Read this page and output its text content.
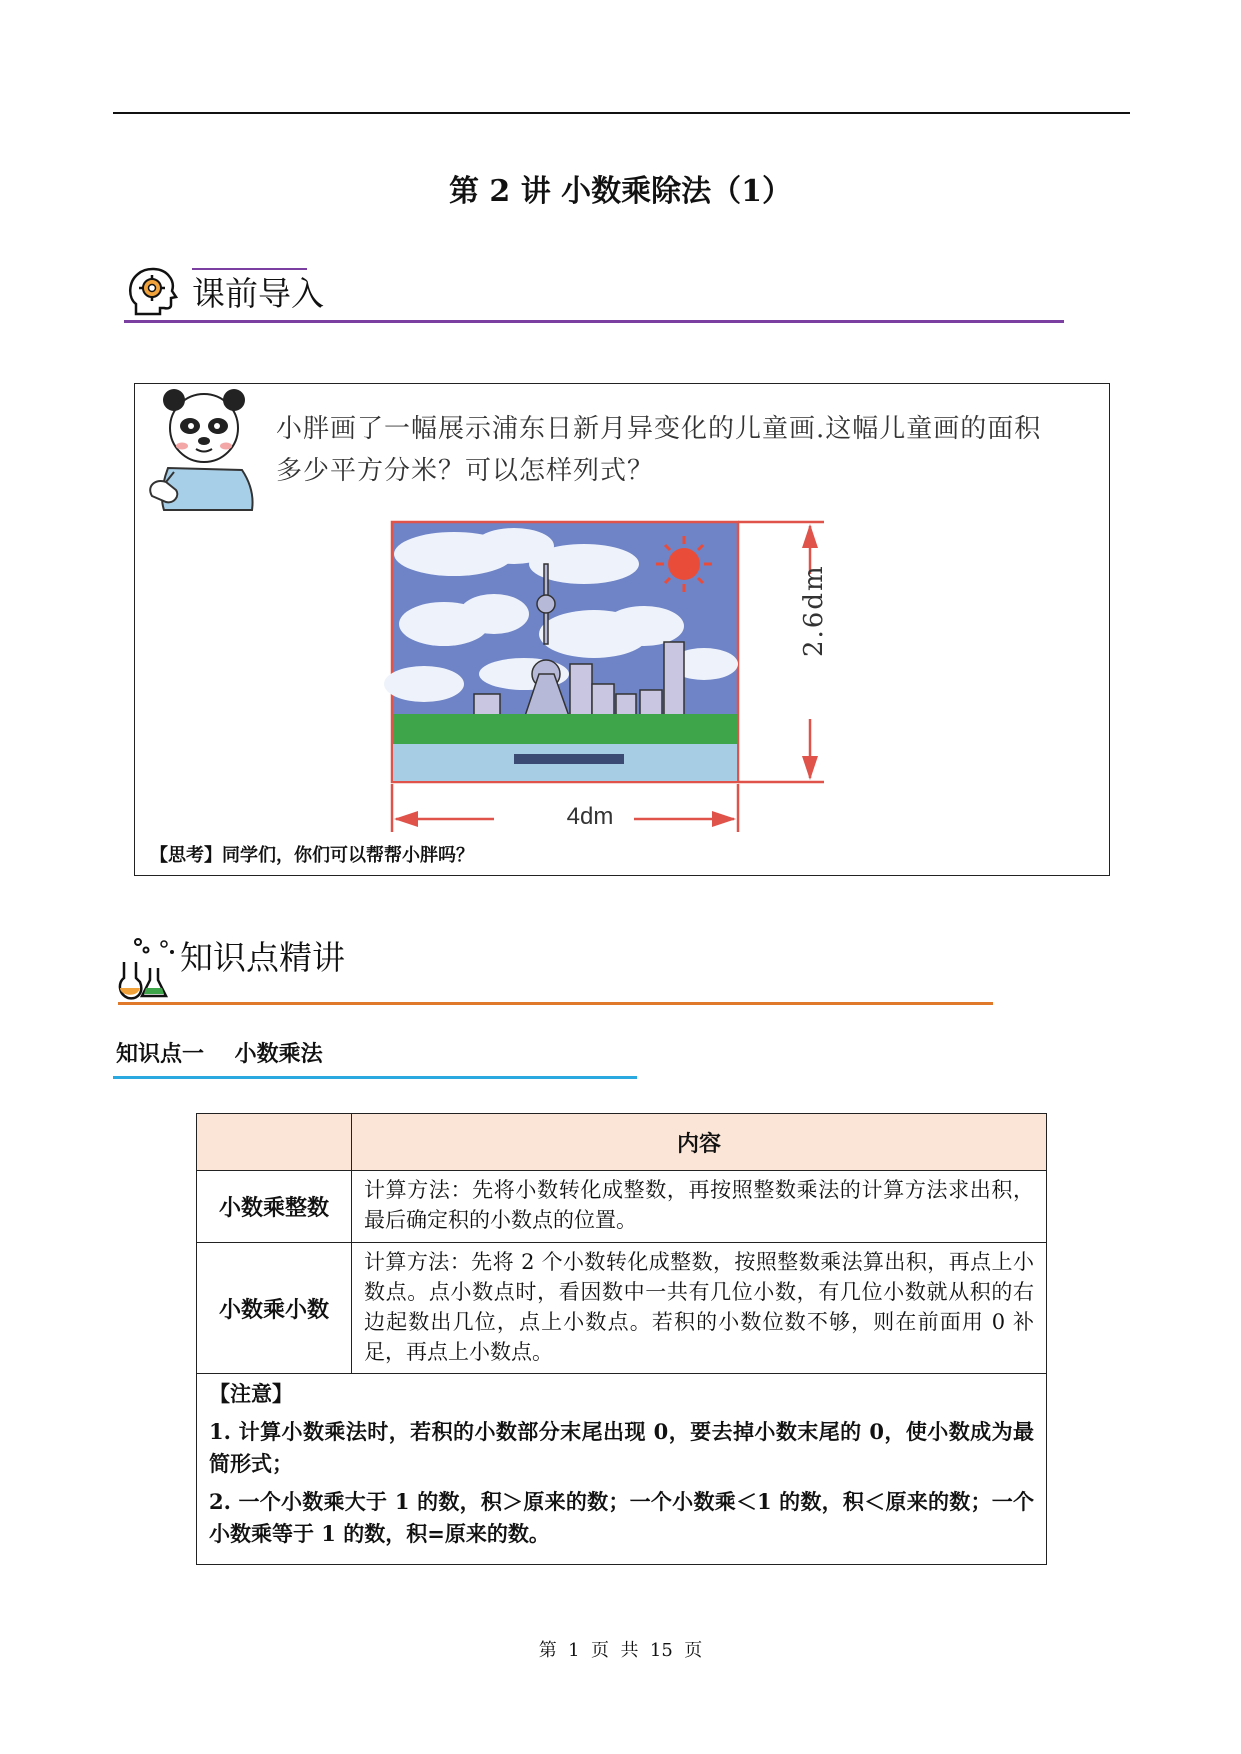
第 2 讲 小数乘除法（1）
课前导入
小胖画了一幅展示浦东日新月异变化的儿童画.这幅儿童画的面积
多少平方分米？可以怎样列式？
2.6dm
4dm
【思考】同学们，你们可以帮帮小胖吗？
知识点精讲
知识点一    小数乘法
	内容
小数乘整数	计算方法：先将小数转化成整数，再按照整数乘法的计算方法求出积，最后确定积的小数点的位置。
小数乘小数	计算方法：先将 2 个小数转化成整数，按照整数乘法算出积，再点上小数点。点小数点时，看因数中一共有几位小数，有几位小数就从积的右边起数出几位，点上小数点。若积的小数位数不够，则在前面用 0 补足，再点上小数点。

【注意】

1. 计算小数乘法时，若积的小数部分末尾出现 0，要去掉小数末尾的 0，使小数成为最简形式；

2. 一个小数乘大于 1 的数，积＞原来的数；一个小数乘＜1 的数，积＜原来的数；一个小数乘等于 1 的数，积=原来的数。	

第  1  页  共  15  页
